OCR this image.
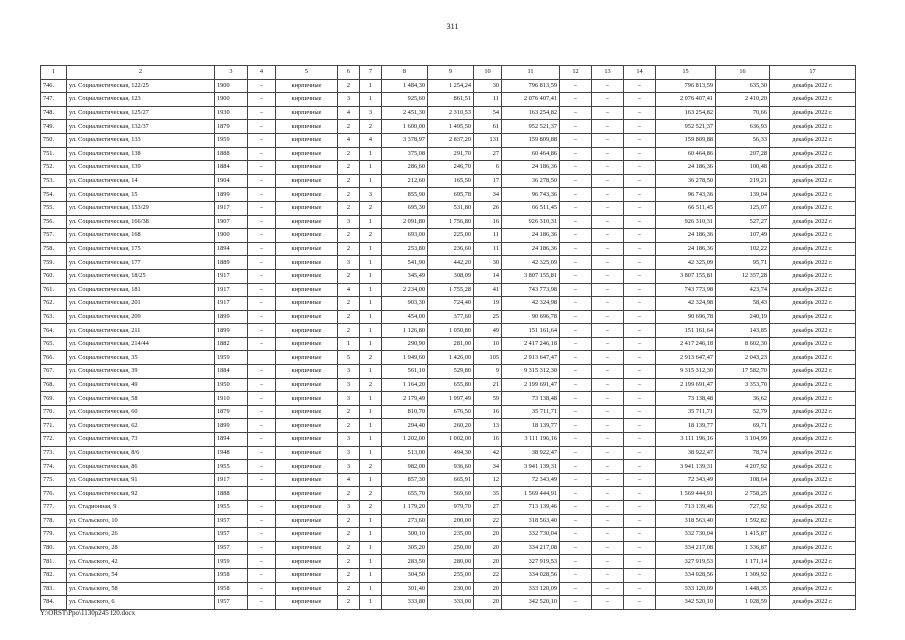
311
1	2	3	4	5	6	7	8	9	10	11	12	13	14	15	16	17
746.	ул. Социалистическая, 122/25	1900	–	кирпичные	2	1	1 484,30	1 254,24	30	796 813,59	–	–	–	796 813,59	635,30	декабрь 2022 г.
747.	ул. Социалистическая, 123	1900	–	кирпичные	3	1	925,60	861,51	11	2 076 407,41	–	–	–	2 076 407,41	2 410,20	декабрь 2022 г.
748.	ул. Социалистическая, 125/27	1930	–	кирпичные	4	3	2 451,30	2 310,53	54	163 254,82	–	–	–	163 254,82	70,66	декабрь 2022 г.
749.	ул. Социалистическая, 132/37	1879	–	кирпичные	2	2	1 600,00	1 495,50	61	952 521,37	–	–	–	952 521,37	636,93	декабрь 2022 г.
750.	ул. Социалистическая, 133	1959	–	кирпичные	4	4	3 378,97	2 837,20	131	159 809,88	–	–	–	159 809,88	56,33	декабрь 2022 г.
751.	ул. Социалистическая, 138	1888	–	кирпичные	2	1	375,08	291,70	27	60 464,86	–	–	–	60 464,86	207,28	декабрь 2022 г.
752.	ул. Социалистическая, 139	1884	–	кирпичные	2	1	286,60	246,70	6	24 186,36	–	–	–	24 186,36	100,48	декабрь 2022 г.
753.	ул. Социалистическая, 14	1904	–	кирпичные	2	1	212,60	165,50	17	36 278,50	–	–	–	36 278,50	219,21	декабрь 2022 г.
754.	ул. Социалистическая, 15	1899	–	кирпичные	2	3	855,90	695,78	34	96 743,36	–	–	–	96 743,36	139,04	декабрь 2022 г.
755.	ул. Социалистическая, 153/29	1917	–	кирпичные	2	2	695,30	531,80	26	66 511,45	–	–	–	66 511,45	125,07	декабрь 2022 г.
756.	ул. Социалистическая, 166/38	1907	–	кирпичные	3	1	2 091,80	1 756,80	16	926 310,31	–	–	–	926 310,31	527,27	декабрь 2022 г.
757.	ул. Социалистическая, 168	1900	–	кирпичные	2	2	693,00	225,00	11	24 186,36	–	–	–	24 186,36	107,49	декабрь 2022 г.
758.	ул. Социалистическая, 175	1894	–	кирпичные	2	1	253,80	236,60	11	24 186,36	–	–	–	24 186,36	102,22	декабрь 2022 г.
759.	ул. Социалистическая, 177	1889	–	кирпичные	3	1	541,90	442,20	30	42 325,09	–	–	–	42 325,09	95,71	декабрь 2022 г.
760.	ул. Социалистическая, 18/25	1917	–	кирпичные	2	1	345,49	308,09	14	3 807 155,81	–	–	–	3 807 155,81	12 357,28	декабрь 2022 г.
761.	ул. Социалистическая, 181	1917	–	кирпичные	4	1	2 234,00	1 755,28	41	743 773,98	–	–	–	743 773,98	423,74	декабрь 2022 г.
762.	ул. Социалистическая, 201	1917	–	кирпичные	2	1	903,30	724,40	19	42 324,98	–	–	–	42 324,98	58,43	декабрь 2022 г.
763.	ул. Социалистическая, 209	1899	–	кирпичные	2	1	454,00	377,60	25	90 696,78	–	–	–	90 696,78	240,19	декабрь 2022 г.
764.	ул. Социалистическая, 211	1899	–	кирпичные	2	1	1 126,80	1 050,80	49	151 161,64	–	–	–	151 161,64	143,85	декабрь 2022 г.
765.	ул. Социалистическая, 214/44	1882	–	кирпичные	1	1	290,90	281,00	10	2 417 246,18	–	–	–	2 417 246,18	8 602,30	декабрь 2022 г.
766.	ул. Социалистическая, 35	1959		кирпичные	5	2	1 949,60	1 426,00	105	2 913 647,47	–	–	–	2 913 647,47	2 043,23	декабрь 2022 г.
767.	ул. Социалистическая, 39	1884	–	кирпичные	3	1	561,10	529,80	9	9 315 312,30	–	–	–	9 315 312,30	17 582,70	декабрь 2022 г.
768.	ул. Социалистическая, 49	1950	–	кирпичные	3	2	1 164,20	655,80	21	2 199 691,47	–	–	–	2 199 691,47	3 353,70	декабрь 2022 г.
769.	ул. Социалистическая, 58	1910	–	кирпичные	3	1	2 179,49	1 997,49	59	73 138,48	–	–	–	73 138,48	36,62	декабрь 2022 г.
770.	ул. Социалистическая, 60	1879	–	кирпичные	2	1	810,70	676,50	16	35 711,71	–	–	–	35 711,71	52,79	декабрь 2022 г.
771.	ул. Социалистическая, 62	1899	–	кирпичные	2	1	294,40	260,20	13	18 139,77	–	–	–	18 139,77	69,71	декабрь 2022 г.
772.	ул. Социалистическая, 73	1894	–	кирпичные	3	1	1 202,00	1 002,00	16	3 111 196,16	–	–	–	3 111 196,16	3 104,99	декабрь 2022 г.
773.	ул. Социалистическая, 8/6	1948	–	кирпичные	3	1	513,00	494,30	42	38 922,47	–	–	–	38 922,47	78,74	декабрь 2022 г.
774.	ул. Социалистическая, 86	1955	–	кирпичные	3	2	982,00	936,60	34	3 941 139,31	–	–	–	3 941 139,31	4 207,92	декабрь 2022 г.
775.	ул. Социалистическая, 91	1917	–	кирпичные	4	1	857,30	665,91	12	72 343,49	–	–	–	72 343,49	108,64	декабрь 2022 г.
776.	ул. Социалистическая, 92	1888		кирпичные	2	2	655,70	569,60	35	1 569 444,91	–	–	–	1 569 444,91	2 758,25	декабрь 2022 г.
777.	ул. Стадионная, 9	1955	–	кирпичные	3	2	1 179,20	979,70	27	713 139,46	–	–	–	713 139,46	727,92	декабрь 2022 г.
778.	ул. Стальского, 10	1957	–	кирпичные	2	1	273,60	200,00	22	318 563,40	–	–	–	318 563,40	1 592,82	декабрь 2022 г.
779.	ул. Стальского, 26	1957	–	кирпичные	2	1	300,10	235,00	20	332 730,04	–	–	–	332 730,04	1 415,87	декабрь 2022 г.
780.	ул. Стальского, 28	1957	–	кирпичные	2	1	305,20	250,00	20	334 217,08	–	–	–	334 217,08	1 336,87	декабрь 2022 г.
781.	ул. Стальского, 42	1959	–	кирпичные	2	1	283,50	280,00	20	327 919,53	–	–	–	327 919,53	1 171,14	декабрь 2022 г.
782.	ул. Стальского, 54	1958	–	кирпичные	2	1	304,50	255,00	22	334 028,56	–	–	–	334 028,56	1 309,92	декабрь 2022 г.
783.	ул. Стальского, 58	1958	–	кирпичные	2	1	301,40	230,00	20	333 120,09	–	–	–	333 120,09	1 448,35	декабрь 2022 г.
784.	ул. Стальского, 6	1957	–	кирпичные	2	1	333,80	333,00	20	342 520,10	–	–	–	342 520,10	1 028,59	декабрь 2022 г.
Y:\ORST\Ppo\1130p245 f20.docx
